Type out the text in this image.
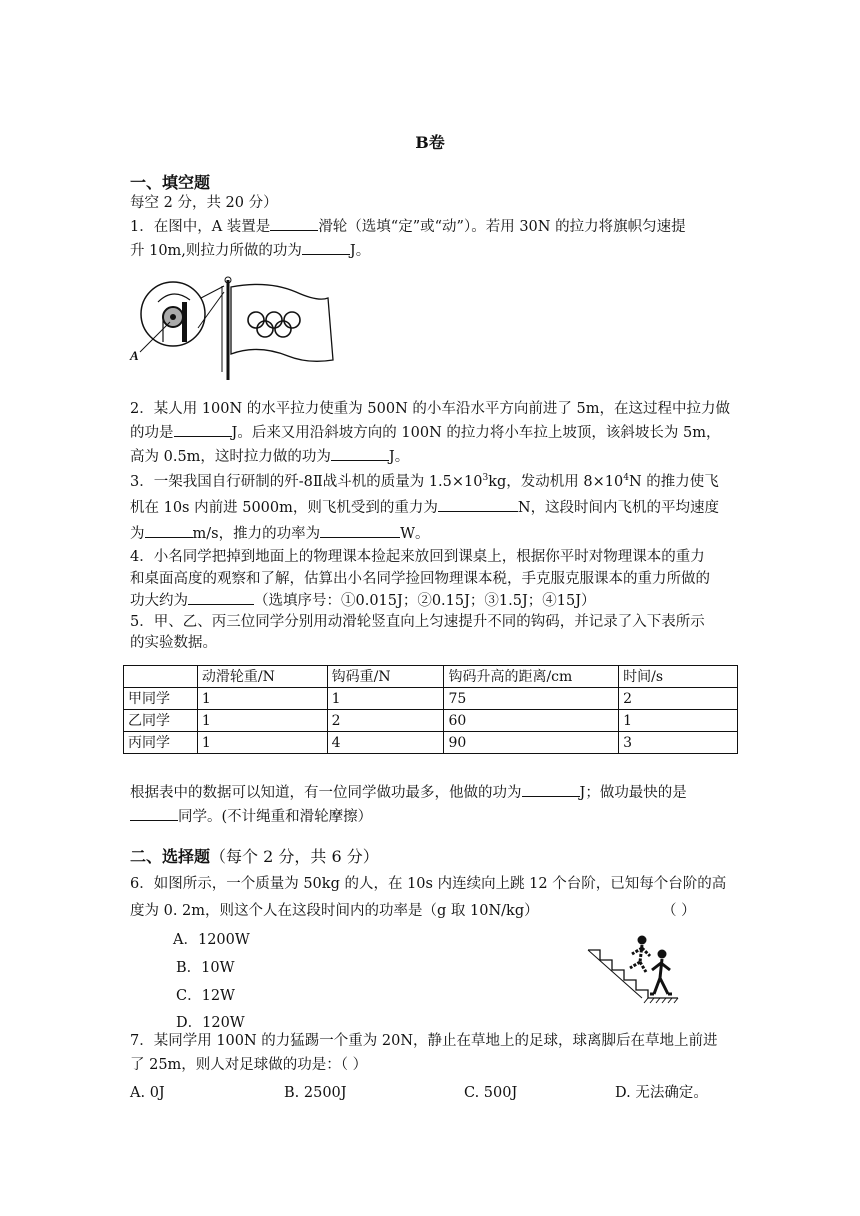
B卷
一、填空题
每空 2 分，共 20 分）
1．在图中，A 装置是	滑轮（选填“定”或“动”）。若用 30N 的拉力将旗帜匀速提
升 10m,则拉力所做的功为	J。
A
2．某人用 100N 的水平拉力使重为 500N 的小车沿水平方向前进了 5m，在这过程中拉力做
的功是	J。后来又用沿斜坡方向的 100N 的拉力将小车拉上坡顶，该斜坡长为 5m，
高为 0.5m，这时拉力做的功为	J。
3．一架我国自行研制的歼-8Ⅱ战斗机的质量为 $1.5\times 10^3kg$，发动机用 $8\times 10^4N$ 的推力使飞
机在 10s 内前进 5000m，则飞机受到的重力为	N，这段时间内飞机的平均速度
为	m/s，推力的功率为	W。
4．小名同学把掉到地面上的物理课本捡起来放回到课桌上，根据你平时对物理课本的重力
和桌面高度的观察和了解，估算出小名同学捡回物理课本税，手克服克服课本的重力所做的
功大约为	（选填序号：①0.015J；②0.15J；③1.5J；④15J）
5．甲、乙、丙三位同学分别用动滑轮竖直向上匀速提升不同的钩码，并记录了入下表所示
的实验数据。
	动滑轮重/N	钩码重/N	钩码升高的距离/cm	时间/s
甲同学	1	1	75	2
乙同学	1	2	60	1
丙同学	1	4	90	3
根据表中的数据可以知道，有一位同学做功最多，他做的功为	J；做功最快的是
同学。(不计绳重和滑轮摩擦）
二、选择题（每个 2 分，共 6 分）
6．如图所示，一个质量为 50kg 的人，在 10s 内连续向上跳 12 个台阶，已知每个台阶的高
度为 0. 2m，则这个人在这段时间内的功率是（g 取 10N/kg）	（ ）
A．1200W
B．10W
C．12W
D．120W
7．某同学用 100N 的力猛踢一个重为 20N，静止在草地上的足球，球离脚后在草地上前进
了 25m，则人对足球做的功是：（ ）
A. 0J	B. 2500J	C. 500J	D. 无法确定。
